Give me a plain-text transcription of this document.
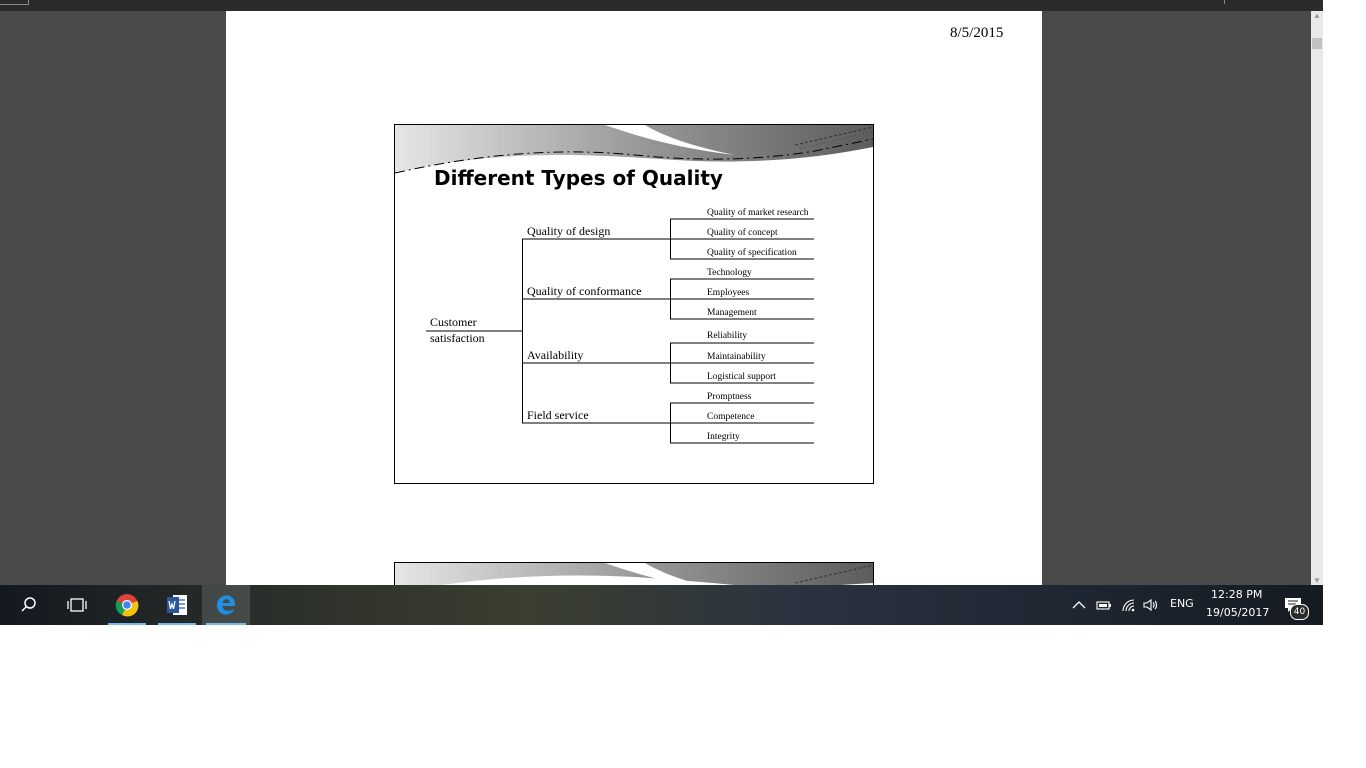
8/5/2015
Different Types of Quality
Customer
satisfaction
Quality of design
Quality of conformance
Availability
Field service
Quality of market research
Quality of concept
Quality of specification
Technology
Employees
Management
Reliability
Maintainability
Logistical support
Promptness
Competence
Integrity
▲
▼
ENG
12:28 PM
19/05/2017	40
